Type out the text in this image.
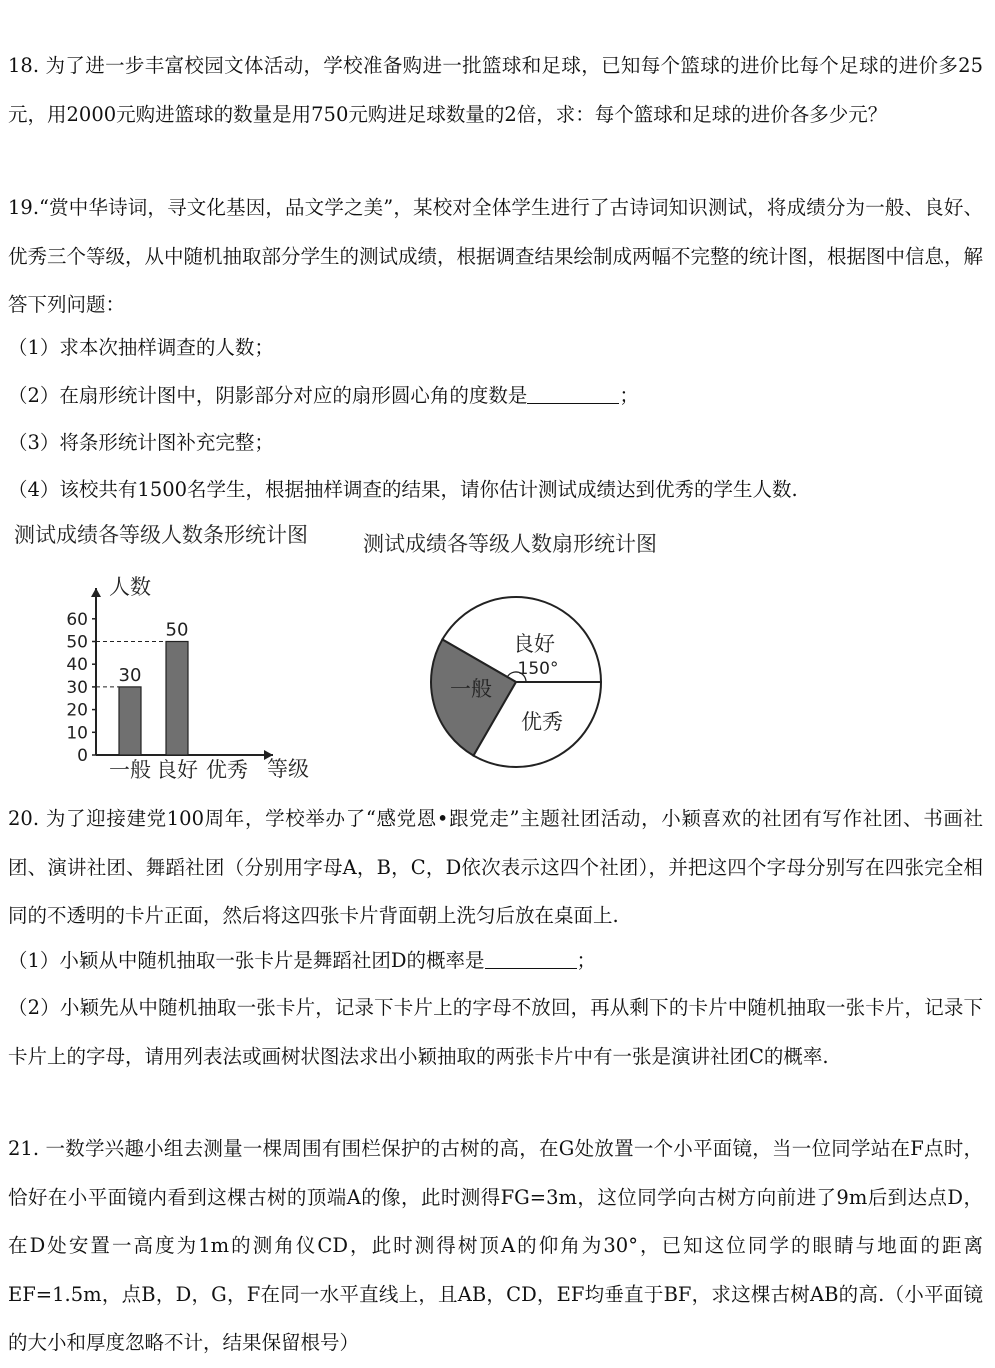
18. 为了进一步丰富校园文体活动，学校准备购进一批篮球和足球，已知每个篮球的进价比每个足球的进价多25元，用2000元购进篮球的数量是用750元购进足球数量的2倍，求：每个篮球和足球的进价各多少元？

19.“赏中华诗词，寻文化基因，品文学之美”，某校对全体学生进行了古诗词知识测试，将成绩分为一般、良好、优秀三个等级，从中随机抽取部分学生的测试成绩，根据调查结果绘制成两幅不完整的统计图，根据图中信息，解答下列问题：

（1）求本次抽样调查的人数；
（2）在扇形统计图中，阴影部分对应的扇形圆心角的度数是	；
（3）将条形统计图补充完整；
（4）该校共有1500名学生，根据抽样调查的结果，请你估计测试成绩达到优秀的学生人数.
测试成绩各等级人数条形统计图
0
10
20
30
40
50
60
人数
等级
一般
30
良好
50
优秀
测试成绩各等级人数扇形统计图
良好
一般
优秀
150°

20. 为了迎接建党100周年，学校举办了“感党恩•跟党走”主题社团活动，小颖喜欢的社团有写作社团、书画社团、演讲社团、舞蹈社团（分别用字母A，B，C，D依次表示这四个社团），并把这四个字母分别写在四张完全相同的不透明的卡片正面，然后将这四张卡片背面朝上洗匀后放在桌面上.

（1）小颖从中随机抽取一张卡片是舞蹈社团D的概率是	；

（2）小颖先从中随机抽取一张卡片，记录下卡片上的字母不放回，再从剩下的卡片中随机抽取一张卡片，记录下卡片上的字母，请用列表法或画树状图法求出小颖抽取的两张卡片中有一张是演讲社团C的概率.

21. 一数学兴趣小组去测量一棵周围有围栏保护的古树的高，在G处放置一个小平面镜，当一位同学站在F点时，恰好在小平面镜内看到这棵古树的顶端A的像，此时测得FG=3m，这位同学向古树方向前进了9m后到达点D，在D处安置一高度为1m的测角仪CD，此时测得树顶A的仰角为30°，已知这位同学的眼睛与地面的距离EF=1.5m，点B，D，G，F在同一水平直线上，且AB，CD，EF均垂直于BF，求这棵古树AB的高.（小平面镜的大小和厚度忽略不计，结果保留根号）
